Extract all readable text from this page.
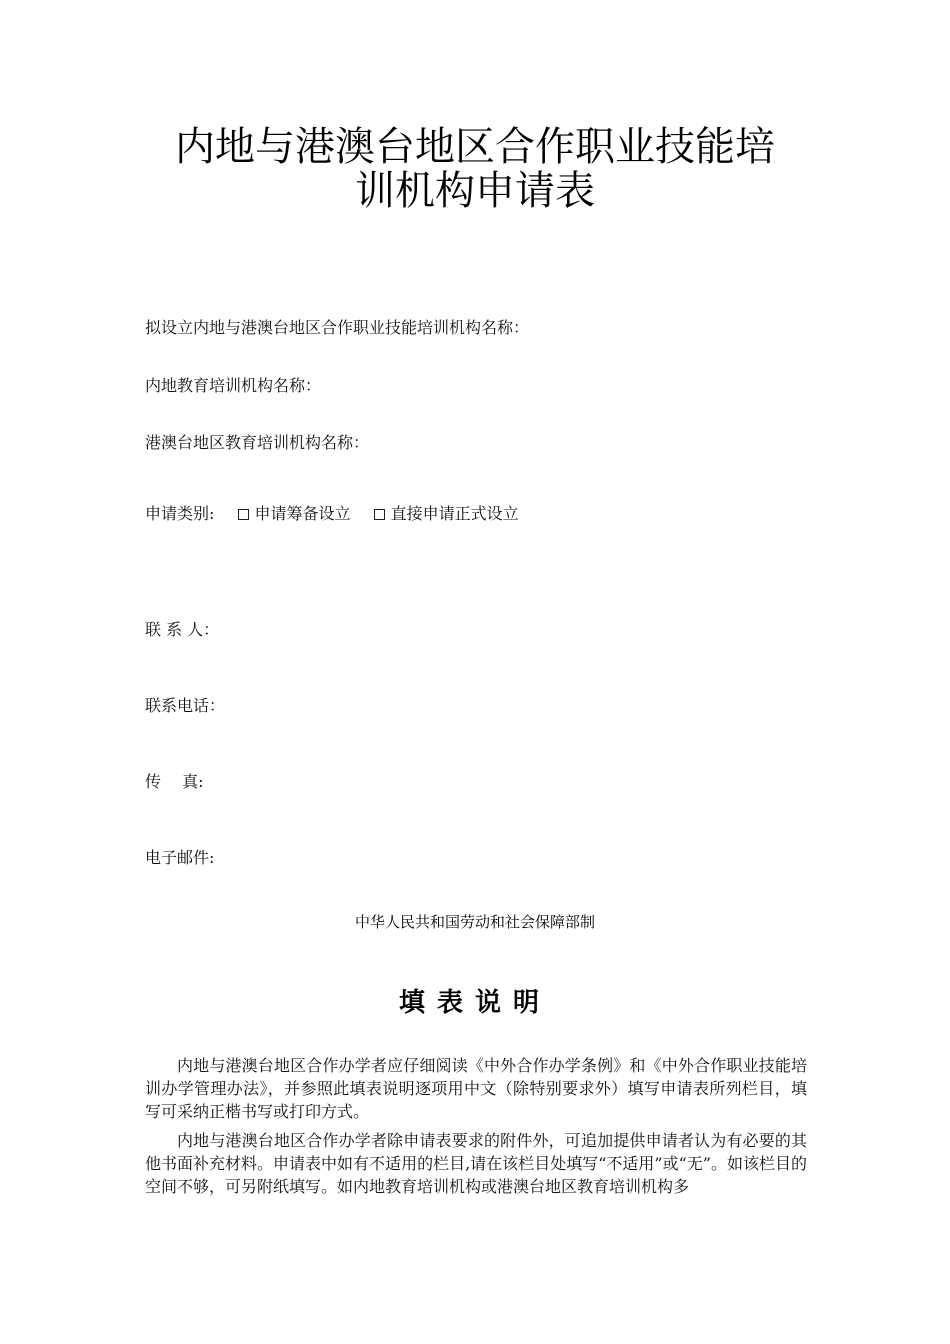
内地与港澳台地区合作职业技能培
训机构申请表
拟设立内地与港澳台地区合作职业技能培训机构名称：
内地教育培训机构名称：
港澳台地区教育培训机构名称：
申请类别:	申请筹备设立	直接申请正式设立
联 系 人：
联系电话：
传　 真:
电子邮件:
中华人民共和国劳动和社会保障部制
填表说明

内地与港澳台地区合作办学者应仔细阅读《中外合作办学条例》和《中外合作职业技能培训办学管理办法》，并参照此填表说明逐项用中文（除特别要求外）填写申请表所列栏目，填写可采纳正楷书写或打印方式。

内地与港澳台地区合作办学者除申请表要求的附件外，可追加提供申请者认为有必要的其他书面补充材料。申请表中如有不适用的栏目,请在该栏目处填写“不适用”或“无”。如该栏目的空间不够，可另附纸填写。如内地教育培训机构或港澳台地区教育培训机构多
